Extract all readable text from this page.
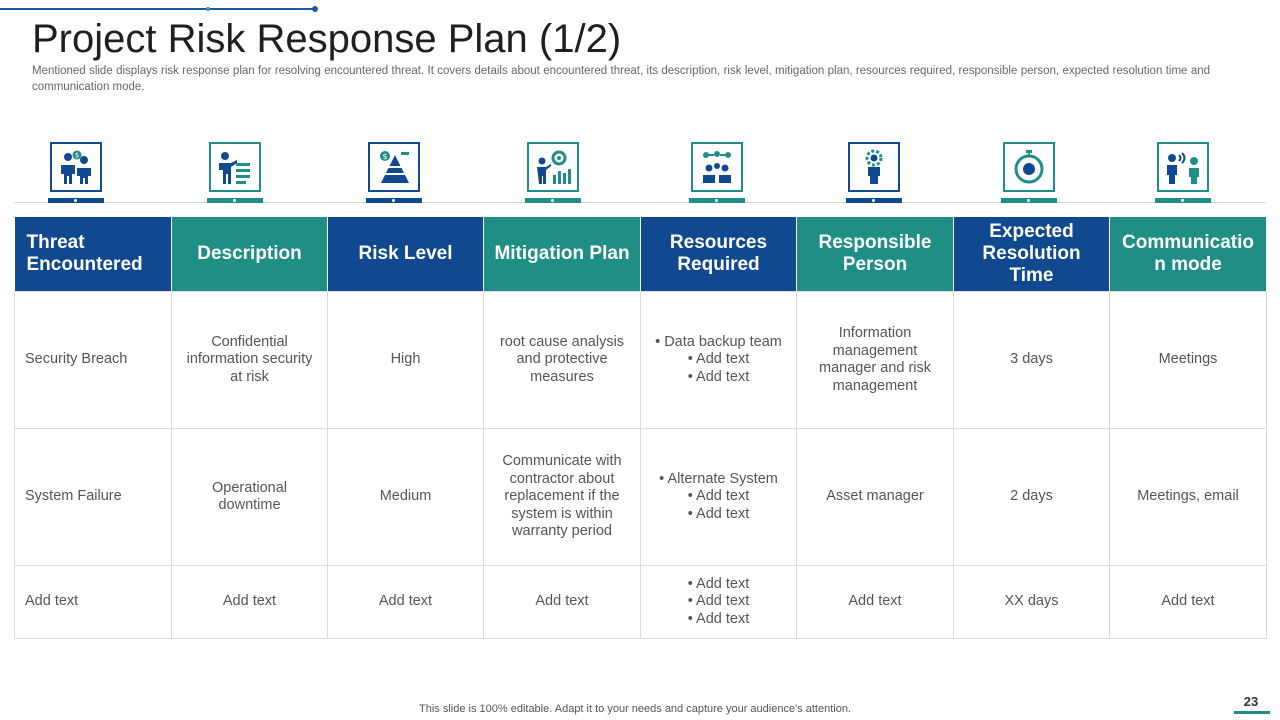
Project Risk Response Plan (1/2)

Mentioned slide displays risk response plan for resolving encountered threat. It covers details about encountered threat, its description, risk level, mitigation plan, resources required, responsible person, expected resolution time and communication mode.

$	$
Threat Encountered	Description	Risk Level	Mitigation Plan	Resources Required	Responsible Person	Expected Resolution Time	Communicatio n mode
Security Breach	Confidential information security at risk	High	root cause analysis and protective measures	• Data backup team
• Add text
• Add text	Information management manager and risk management	3 days	Meetings
System Failure	Operational downtime	Medium	Communicate with contractor about replacement if the system is within warranty period	• Alternate System
• Add text
• Add text	Asset manager	2 days	Meetings, email
Add text	Add text	Add text	Add text	• Add text
• Add text
• Add text	Add text	XX days	Add text
This slide is 100% editable. Adapt it to your needs and capture your audience's attention.	23
